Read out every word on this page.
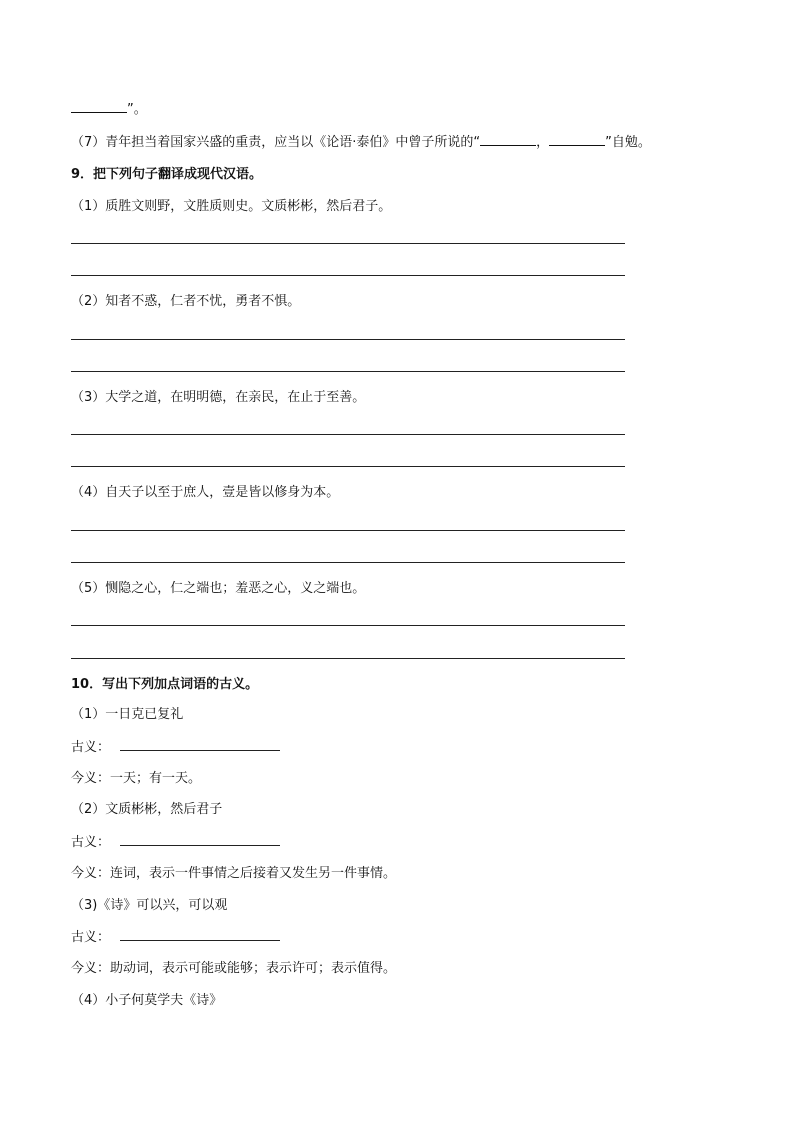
”。
（7）青年担当着国家兴盛的重责，应当以《论语·泰伯》中曾子所说的“	，	”自勉。
9．把下列句子翻译成现代汉语。
（1）质胜文则野，文胜质则史。文质彬彬，然后君子。
（2）知者不惑，仁者不忧，勇者不惧。
（3）大学之道，在明明德，在亲民，在止于至善。
（4）自天子以至于庶人，壹是皆以修身为本。
（5）恻隐之心，仁之端也；羞恶之心，义之端也。
10．写出下列加点词语的古义。
（1）一日克已复礼
古义：
今义：一天；有一天。
（2）文质彬彬，然后君子
古义：
今义：连词，表示一件事情之后接着又发生另一件事情。
（3)《诗》可以兴，可以观
古义：
今义：助动词，表示可能或能够；表示许可；表示值得。
（4）小子何莫学夫《诗》
